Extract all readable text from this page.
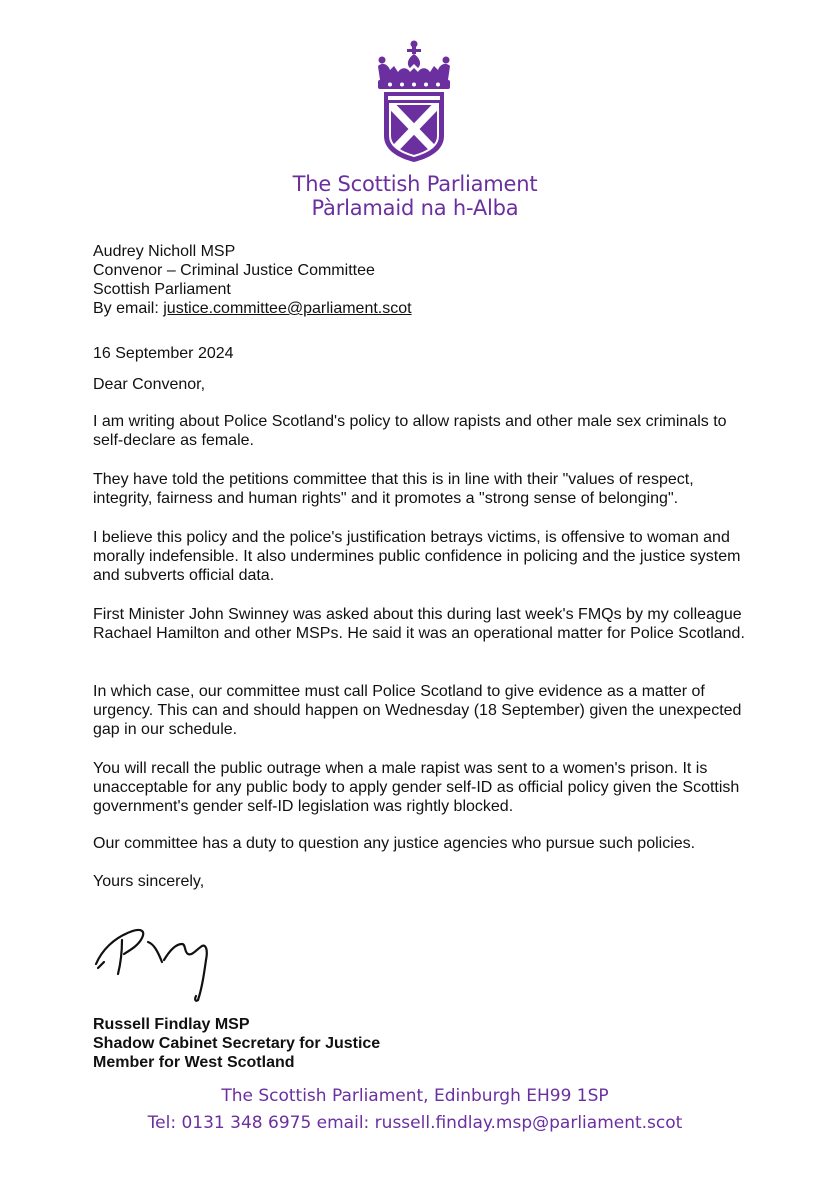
The Scottish Parliament
Pàrlamaid na h-Alba
Audrey Nicholl MSP
Convenor – Criminal Justice Committee
Scottish Parliament
By email: justice.committee@parliament.scot
16 September 2024
Dear Convenor,
I am writing about Police Scotland's policy to allow rapists and other male sex criminals to self-declare as female.
They have told the petitions committee that this is in line with their "values of respect, integrity, fairness and human rights" and it promotes a "strong sense of belonging".
I believe this policy and the police's justification betrays victims, is offensive to woman and morally indefensible. It also undermines public confidence in policing and the justice system and subverts official data.
First Minister John Swinney was asked about this during last week's FMQs by my colleague Rachael Hamilton and other MSPs. He said it was an operational matter for Police Scotland.
In which case, our committee must call Police Scotland to give evidence as a matter of urgency. This can and should happen on Wednesday (18 September) given the unexpected gap in our schedule.
You will recall the public outrage when a male rapist was sent to a women's prison. It is unacceptable for any public body to apply gender self-ID as official policy given the Scottish government's gender self-ID legislation was rightly blocked.
Our committee has a duty to question any justice agencies who pursue such policies.
Yours sincerely,
Russell Findlay MSP
Shadow Cabinet Secretary for Justice
Member for West Scotland
The Scottish Parliament, Edinburgh EH99 1SP
Tel: 0131 348 6975 email: russell.findlay.msp@parliament.scot
